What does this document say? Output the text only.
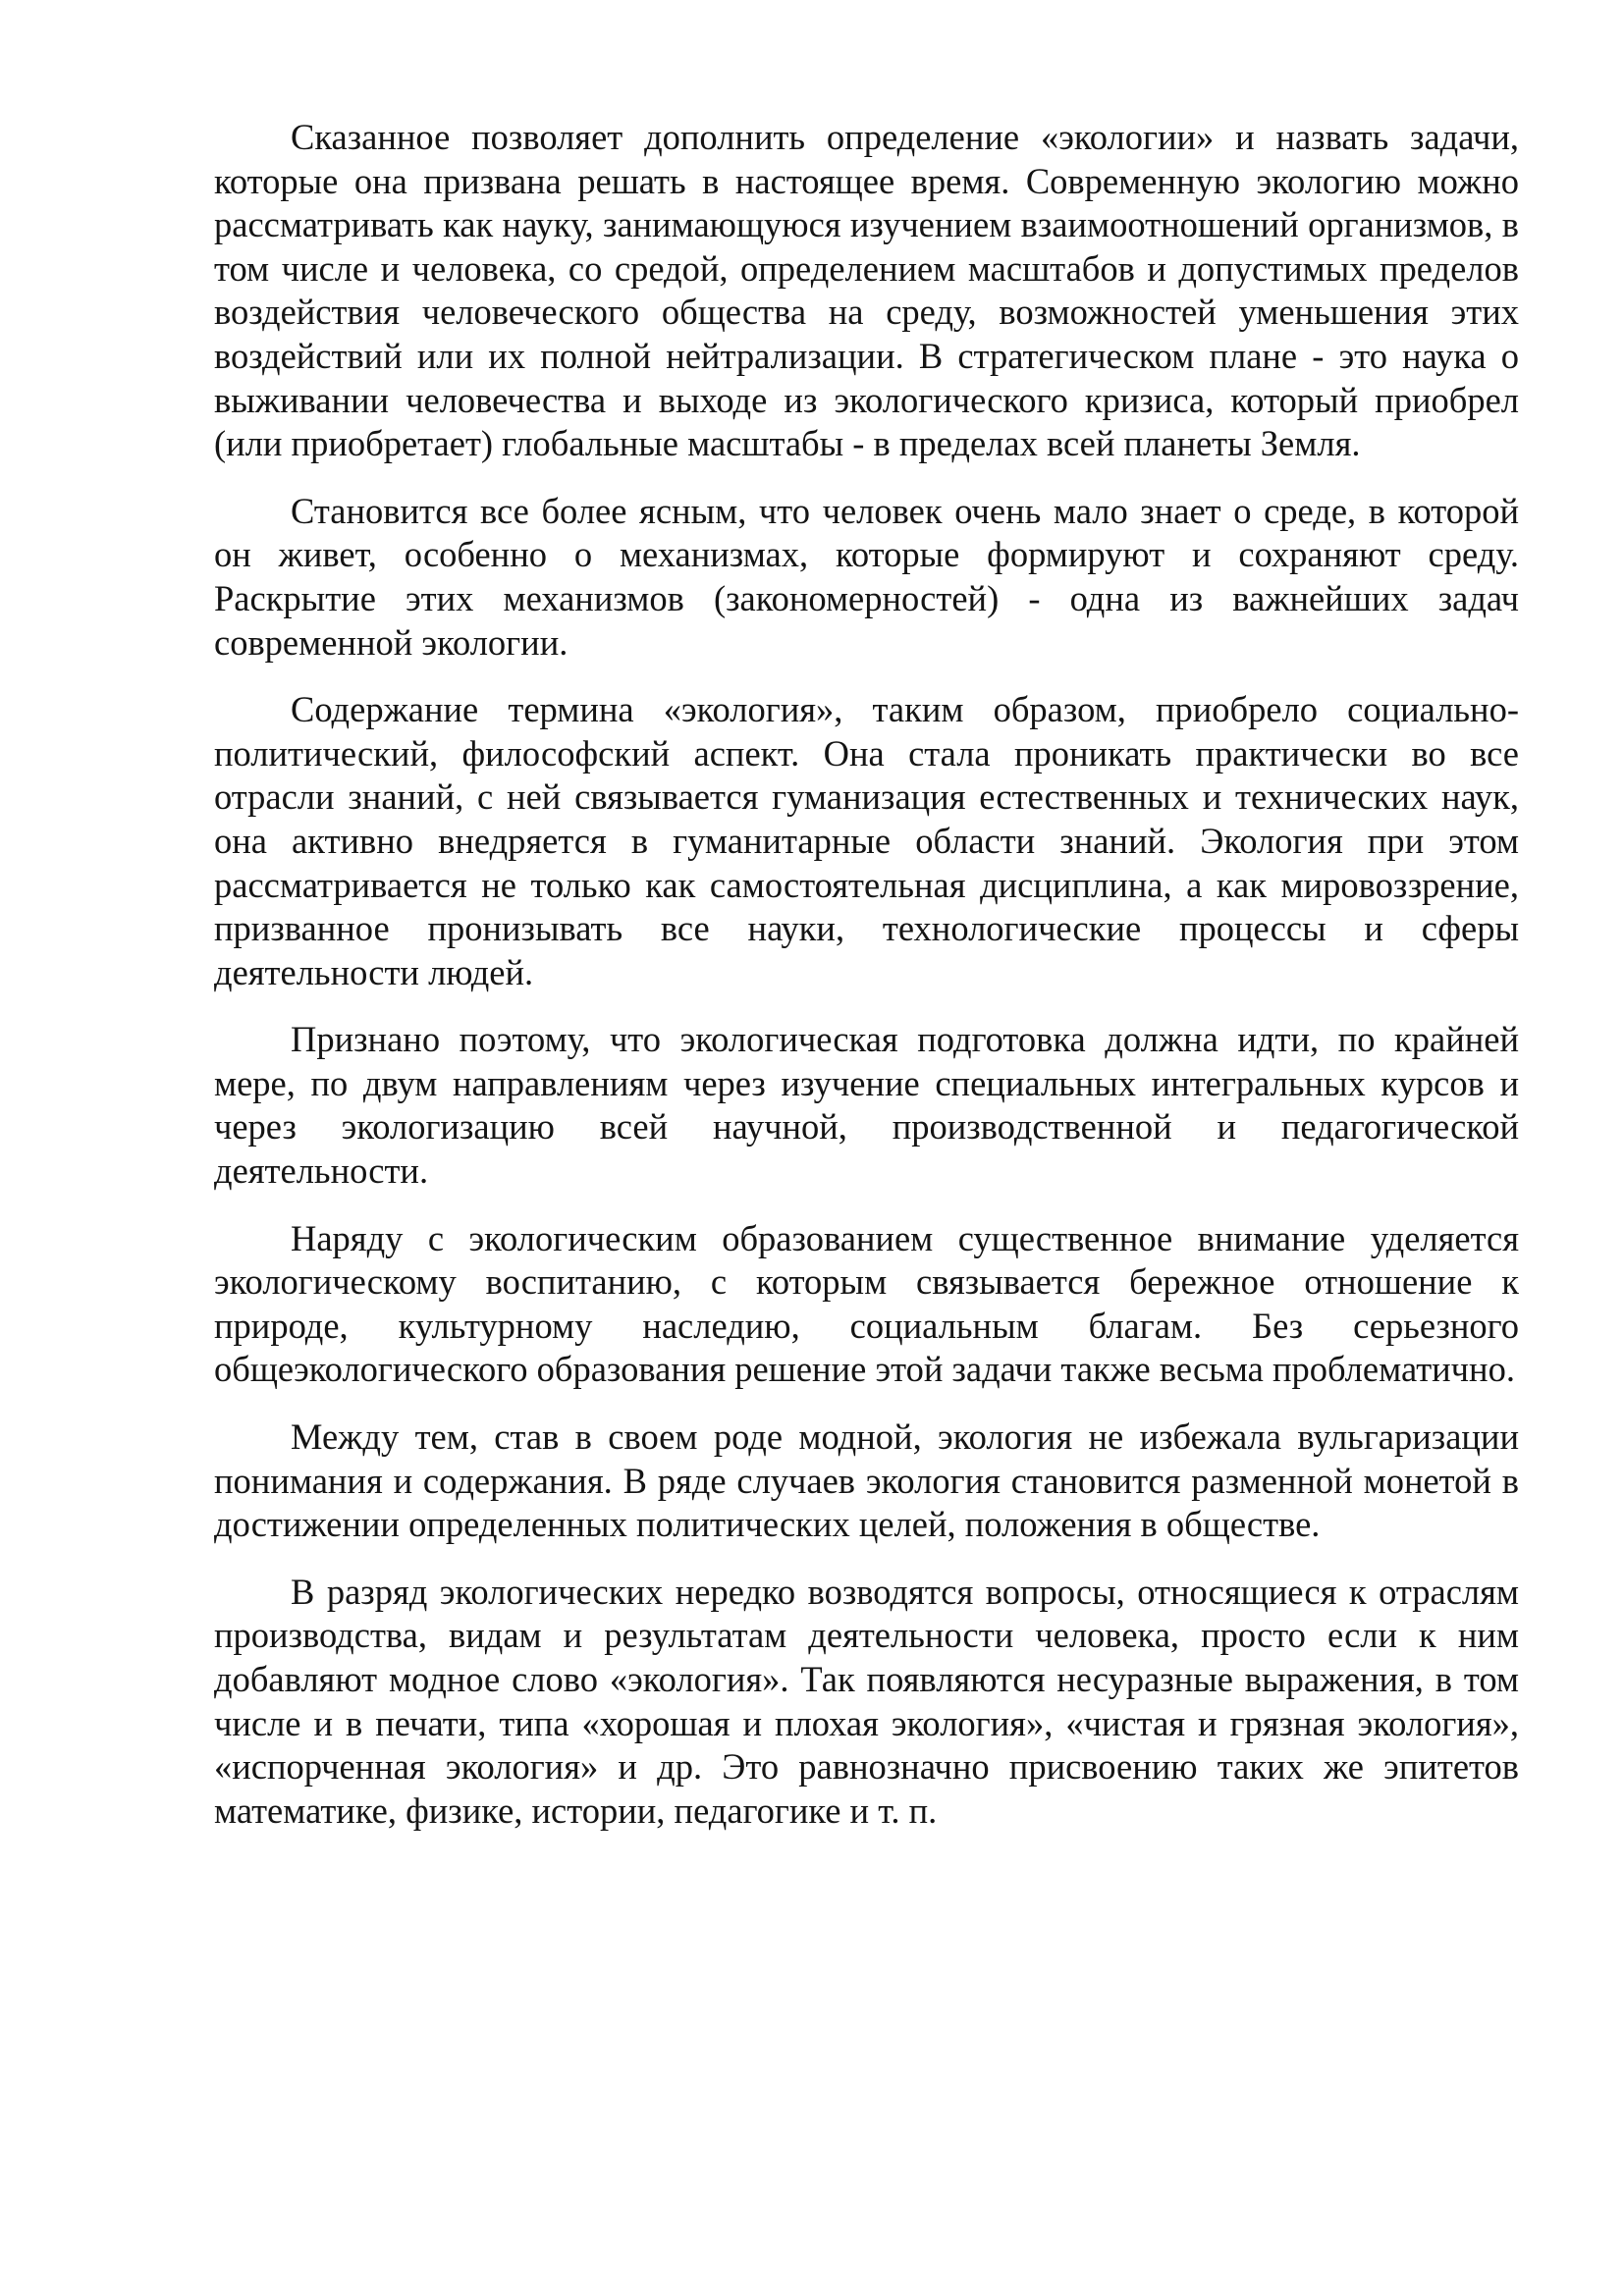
Сказанное позволяет дополнить определение «экологии» и назвать задачи, которые она призвана решать в настоящее время. Современную экологию можно рассматривать как науку, занимающуюся изучением взаимоотношений организмов, в том числе и человека, со средой, определением масштабов и допустимых пределов воздействия человеческого общества на среду, возможностей уменьшения этих воздействий или их полной нейтрализации. В стратегическом плане - это наука о выживании человечества и выходе из экологического кризиса, который приобрел (или приобретает) глобальные масштабы - в пределах всей планеты Земля.

Становится все более ясным, что человек очень мало знает о среде, в которой он живет, особенно о механизмах, которые формируют и сохраняют среду. Раскрытие этих механизмов (закономерностей) - одна из важнейших задач современной экологии.

Содержание термина «экология», таким образом, приобрело социально-политический, философский аспект. Она стала проникать практически во все отрасли знаний, с ней связывается гуманизация естественных и технических наук, она активно внедряется в гуманитарные области знаний. Экология при этом рассматривается не только как самостоятельная дисциплина, а как мировоззрение, призванное пронизывать все науки, технологические процессы и сферы деятельности людей.

Признано поэтому, что экологическая подготовка должна идти, по крайней мере, по двум направлениям через изучение специальных интегральных курсов и через экологизацию всей научной, производственной и педагогической деятельности.

Наряду с экологическим образованием существенное внимание уделяется экологическому воспитанию, с которым связывается бережное отношение к природе, культурному наследию, социальным благам. Без серьезного общеэкологического образования решение этой задачи также весьма проблематично.

Между тем, став в своем роде модной, экология не избежала вульгаризации понимания и содержания. В ряде случаев экология становится разменной монетой в достижении определенных политических целей, положения в обществе.

В разряд экологических нередко возводятся вопросы, относящиеся к отраслям производства, видам и результатам деятельности человека, просто если к ним добавляют модное слово «экология». Так появляются несуразные выражения, в том числе и в печати, типа «хорошая и плохая экология», «чистая и грязная экология», «испорченная экология» и др. Это равнозначно присвоению таких же эпитетов математике, физике, истории, педагогике и т. п.
